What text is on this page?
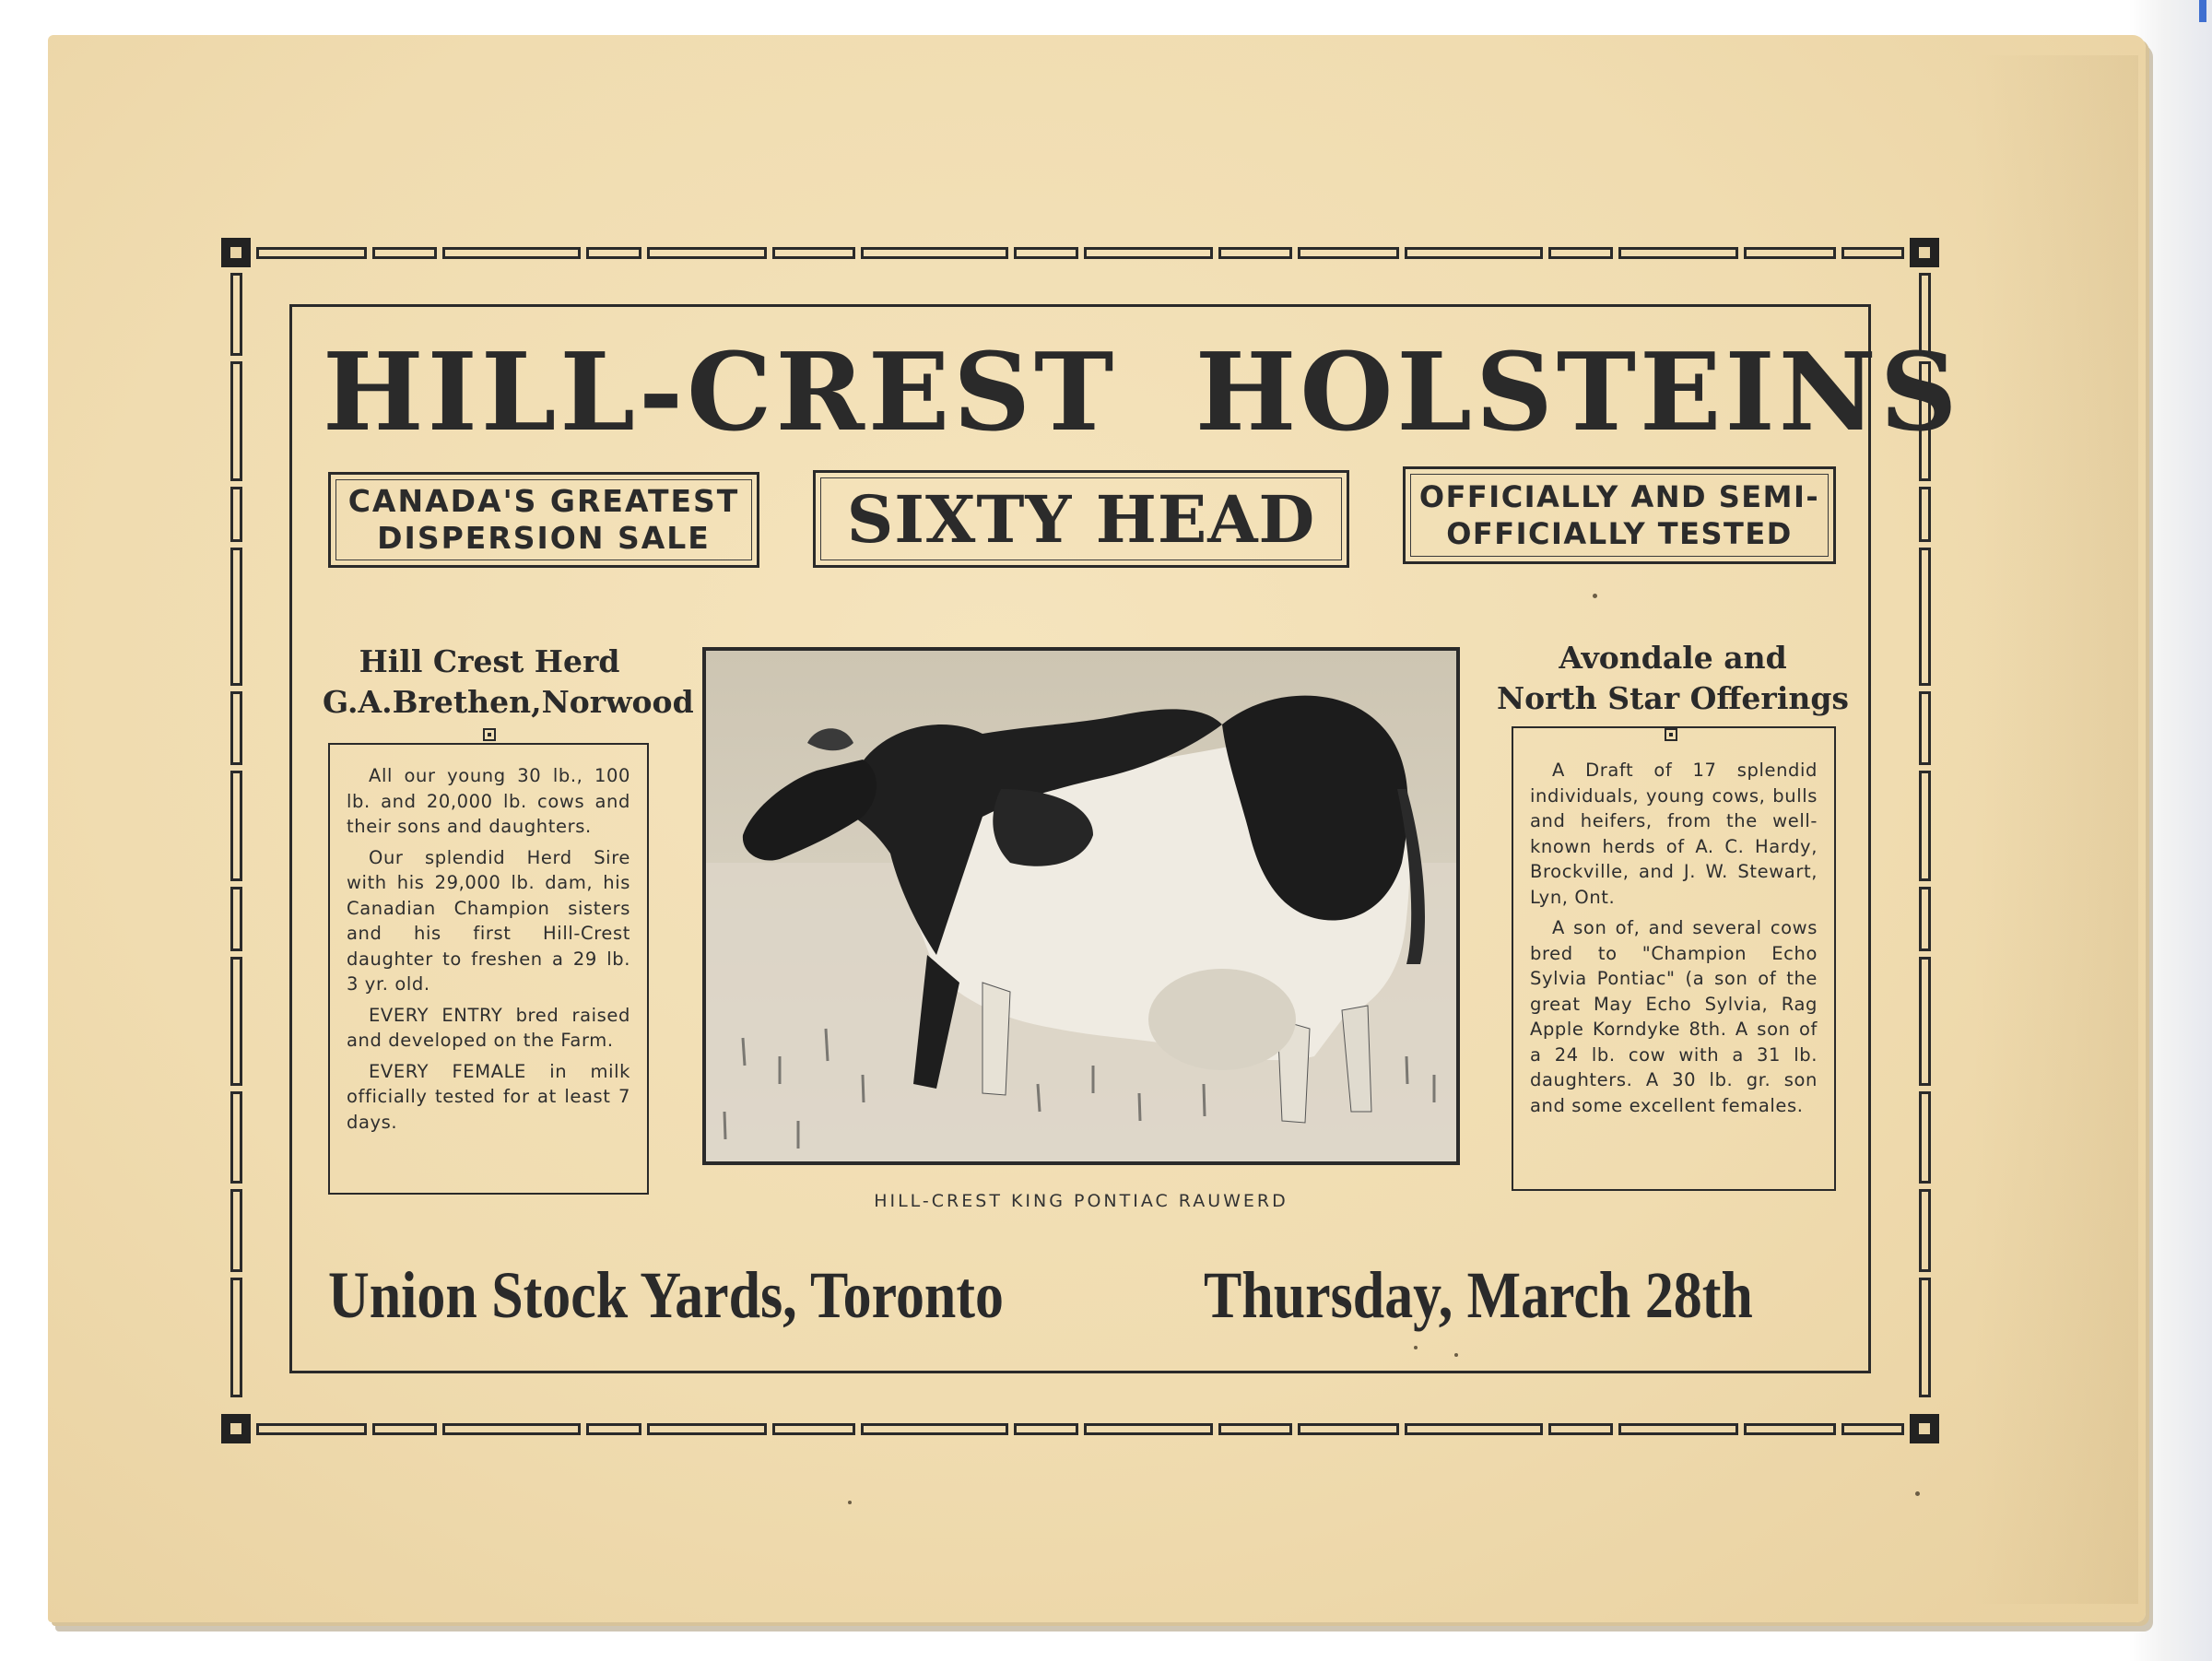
HILL-CREST HOLSTEINS
CANADA'S GREATEST
DISPERSION SALE	SIXTY HEAD	OFFICIALLY AND SEMI-
OFFICIALLY TESTED
Hill Crest Herd
G.A.Brethen,Norwood

All our young 30 lb., 100 lb. and 20,000 lb. cows and their sons and daughters.

Our splendid Herd Sire with his 29,000 lb. dam, his Canadian Champion sisters and his first Hill-Crest daughter to freshen a 29 lb. 3 yr. old.

EVERY ENTRY bred raised and developed on the Farm.

EVERY FEMALE in milk officially tested for at least 7 days.

HILL-CREST KING PONTIAC RAUWERD
Avondale and
North Star Offerings

A Draft of 17 splendid individuals, young cows, bulls and heifers, from the well-known herds of A. C. Hardy, Brockville, and J. W. Stewart, Lyn, Ont.

A son of, and several cows bred to "Champion Echo Sylvia Pontiac" (a son of the great May Echo Sylvia, Rag Apple Korndyke 8th. A son of a 24 lb. cow with a 31 lb. daughters. A 30 lb. gr. son and some excellent females.

Union Stock Yards, Toronto	Thursday, March 28th
